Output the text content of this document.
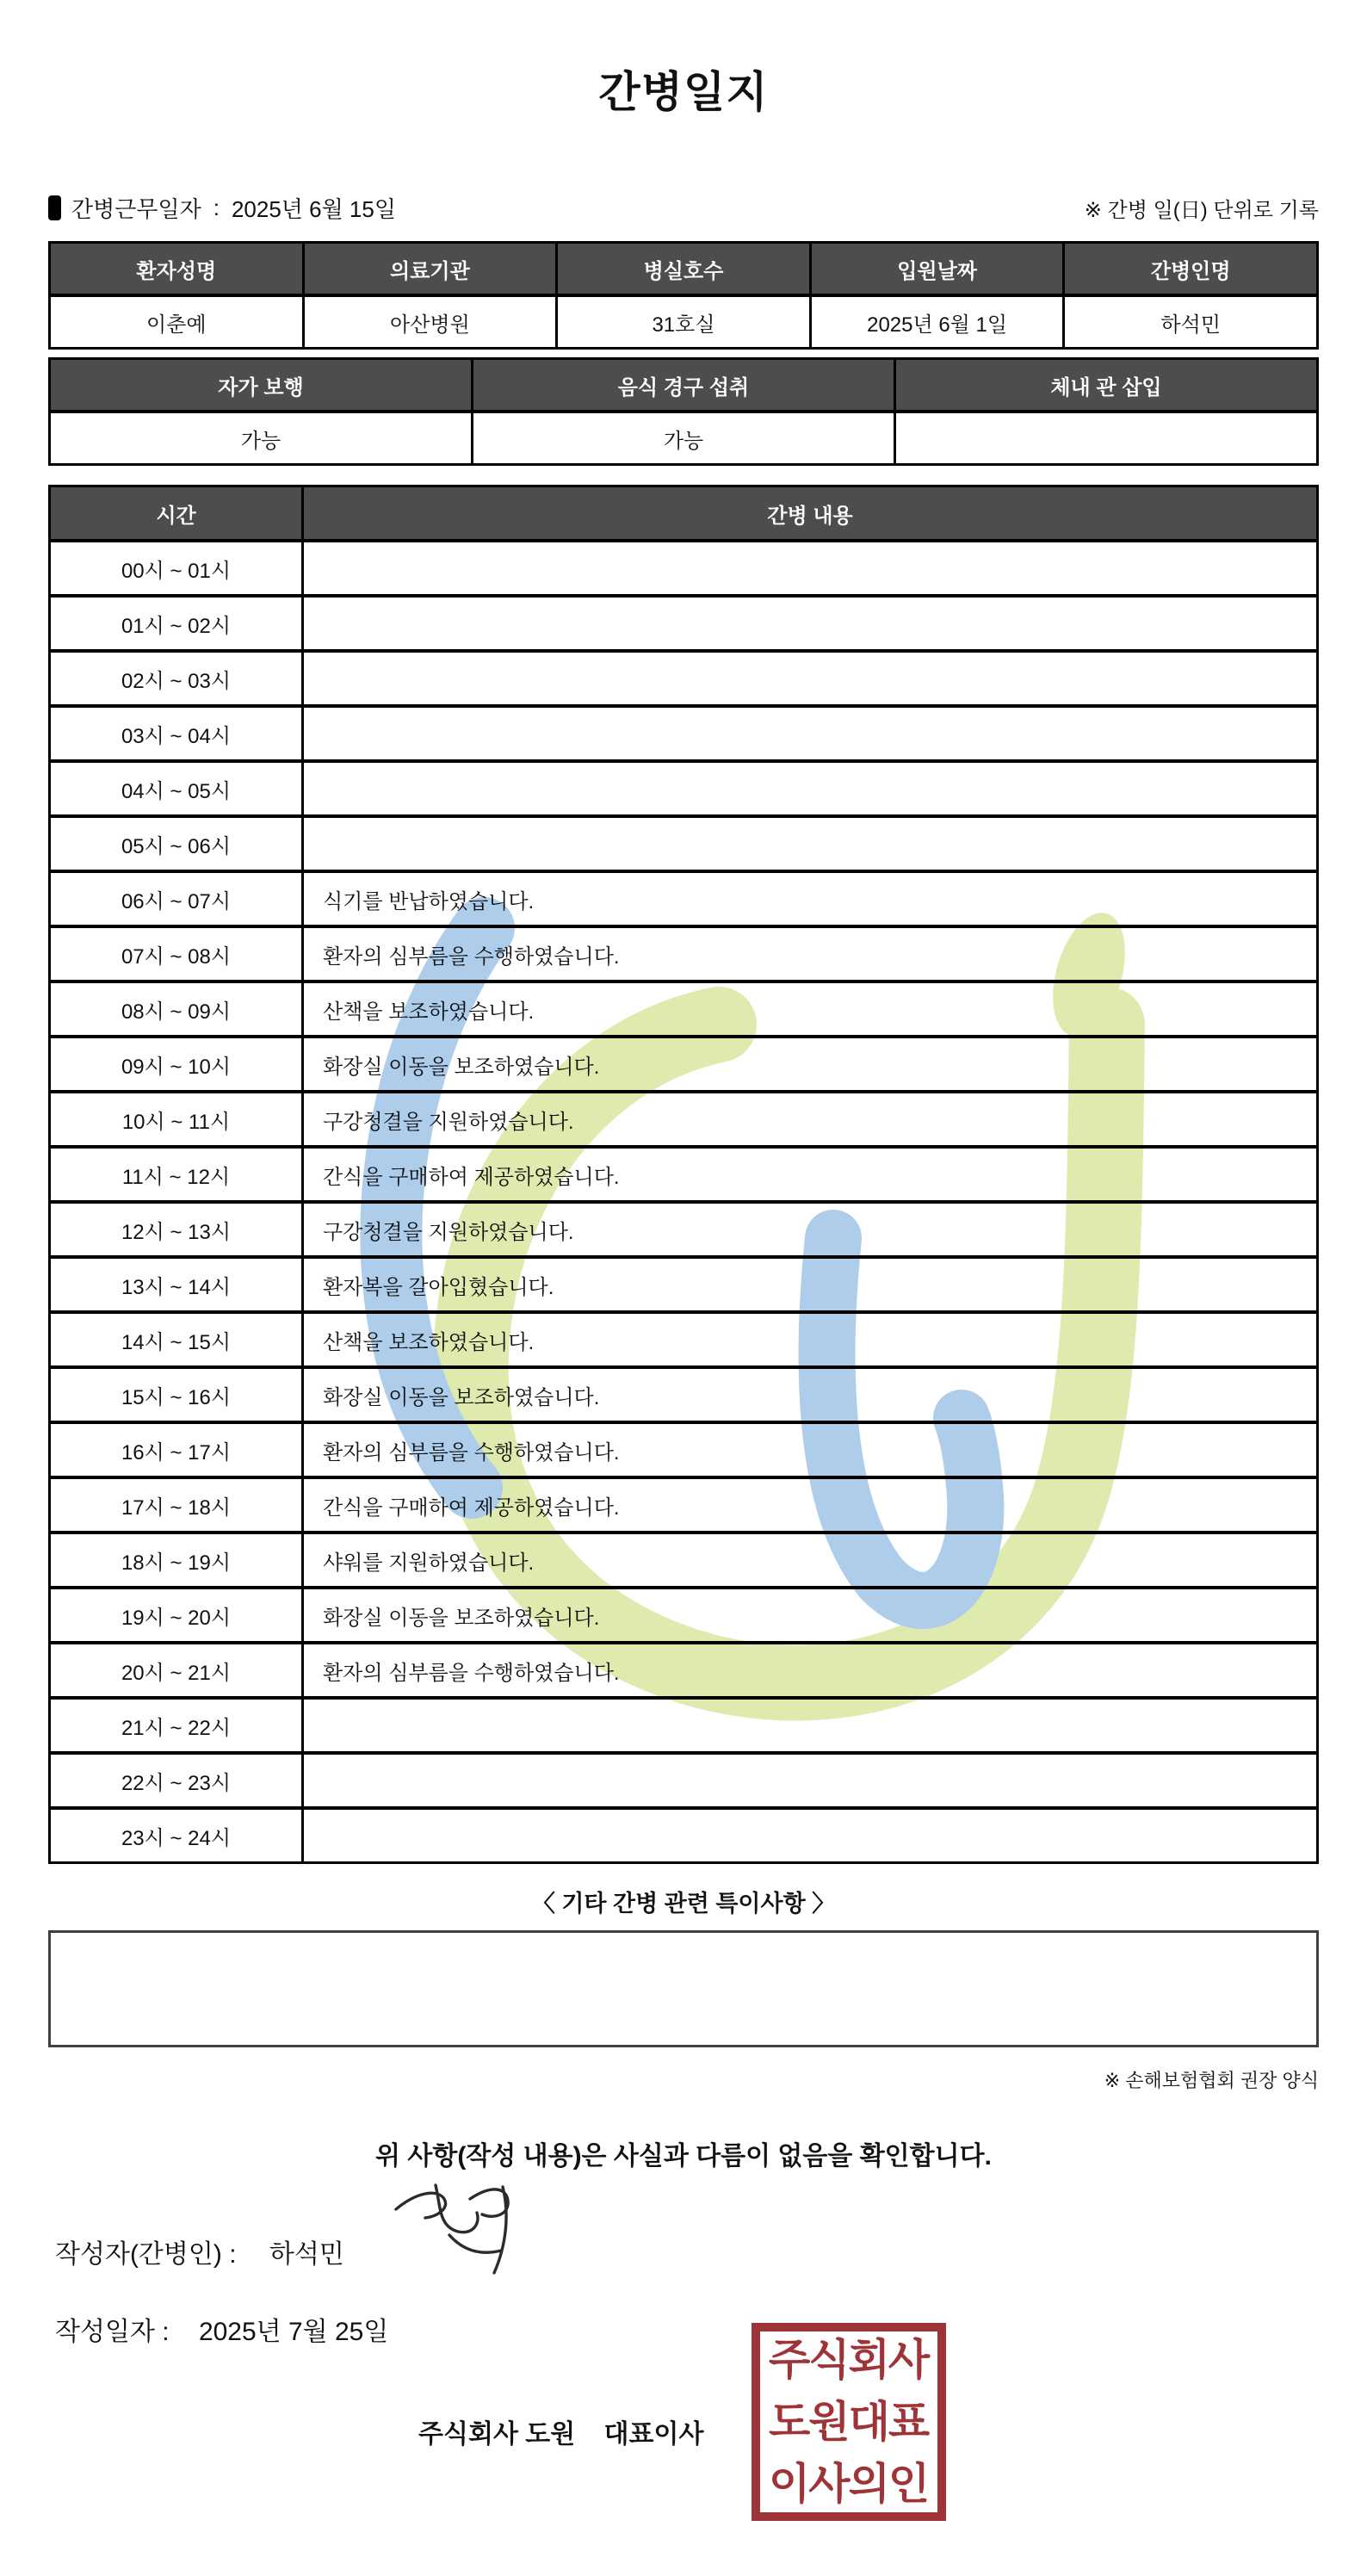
간병일지
간병근무일자 : 2025년 6월 15일	※ 간병 일(日) 단위로 기록
환자성명	의료기관	병실호수	입원날짜	간병인명
이춘예	아산병원	31호실	2025년 6월 1일	하석민
자가 보행	음식 경구 섭취	체내 관 삽입
가능	가능
시간	간병 내용
00시 ~ 01시
01시 ~ 02시
02시 ~ 03시
03시 ~ 04시
04시 ~ 05시
05시 ~ 06시
06시 ~ 07시	식기를 반납하였습니다.
07시 ~ 08시	환자의 심부름을 수행하였습니다.
08시 ~ 09시	산책을 보조하였습니다.
09시 ~ 10시	화장실 이동을 보조하였습니다.
10시 ~ 11시	구강청결을 지원하였습니다.
11시 ~ 12시	간식을 구매하여 제공하였습니다.
12시 ~ 13시	구강청결을 지원하였습니다.
13시 ~ 14시	환자복을 갈아입혔습니다.
14시 ~ 15시	산책을 보조하였습니다.
15시 ~ 16시	화장실 이동을 보조하였습니다.
16시 ~ 17시	환자의 심부름을 수행하였습니다.
17시 ~ 18시	간식을 구매하여 제공하였습니다.
18시 ~ 19시	샤워를 지원하였습니다.
19시 ~ 20시	화장실 이동을 보조하였습니다.
20시 ~ 21시	환자의 심부름을 수행하였습니다.
21시 ~ 22시
22시 ~ 23시
23시 ~ 24시
〈 기타 간병 관련 특이사항 〉
※ 손해보험협회 권장 양식
위 사항(작성 내용)은 사실과 다름이 없음을 확인합니다.
작성자(간병인) : 하석민
작성일자 : 2025년 7월 25일
주식회사 도원    대표이사
주식회사
도원대표
이사의인
